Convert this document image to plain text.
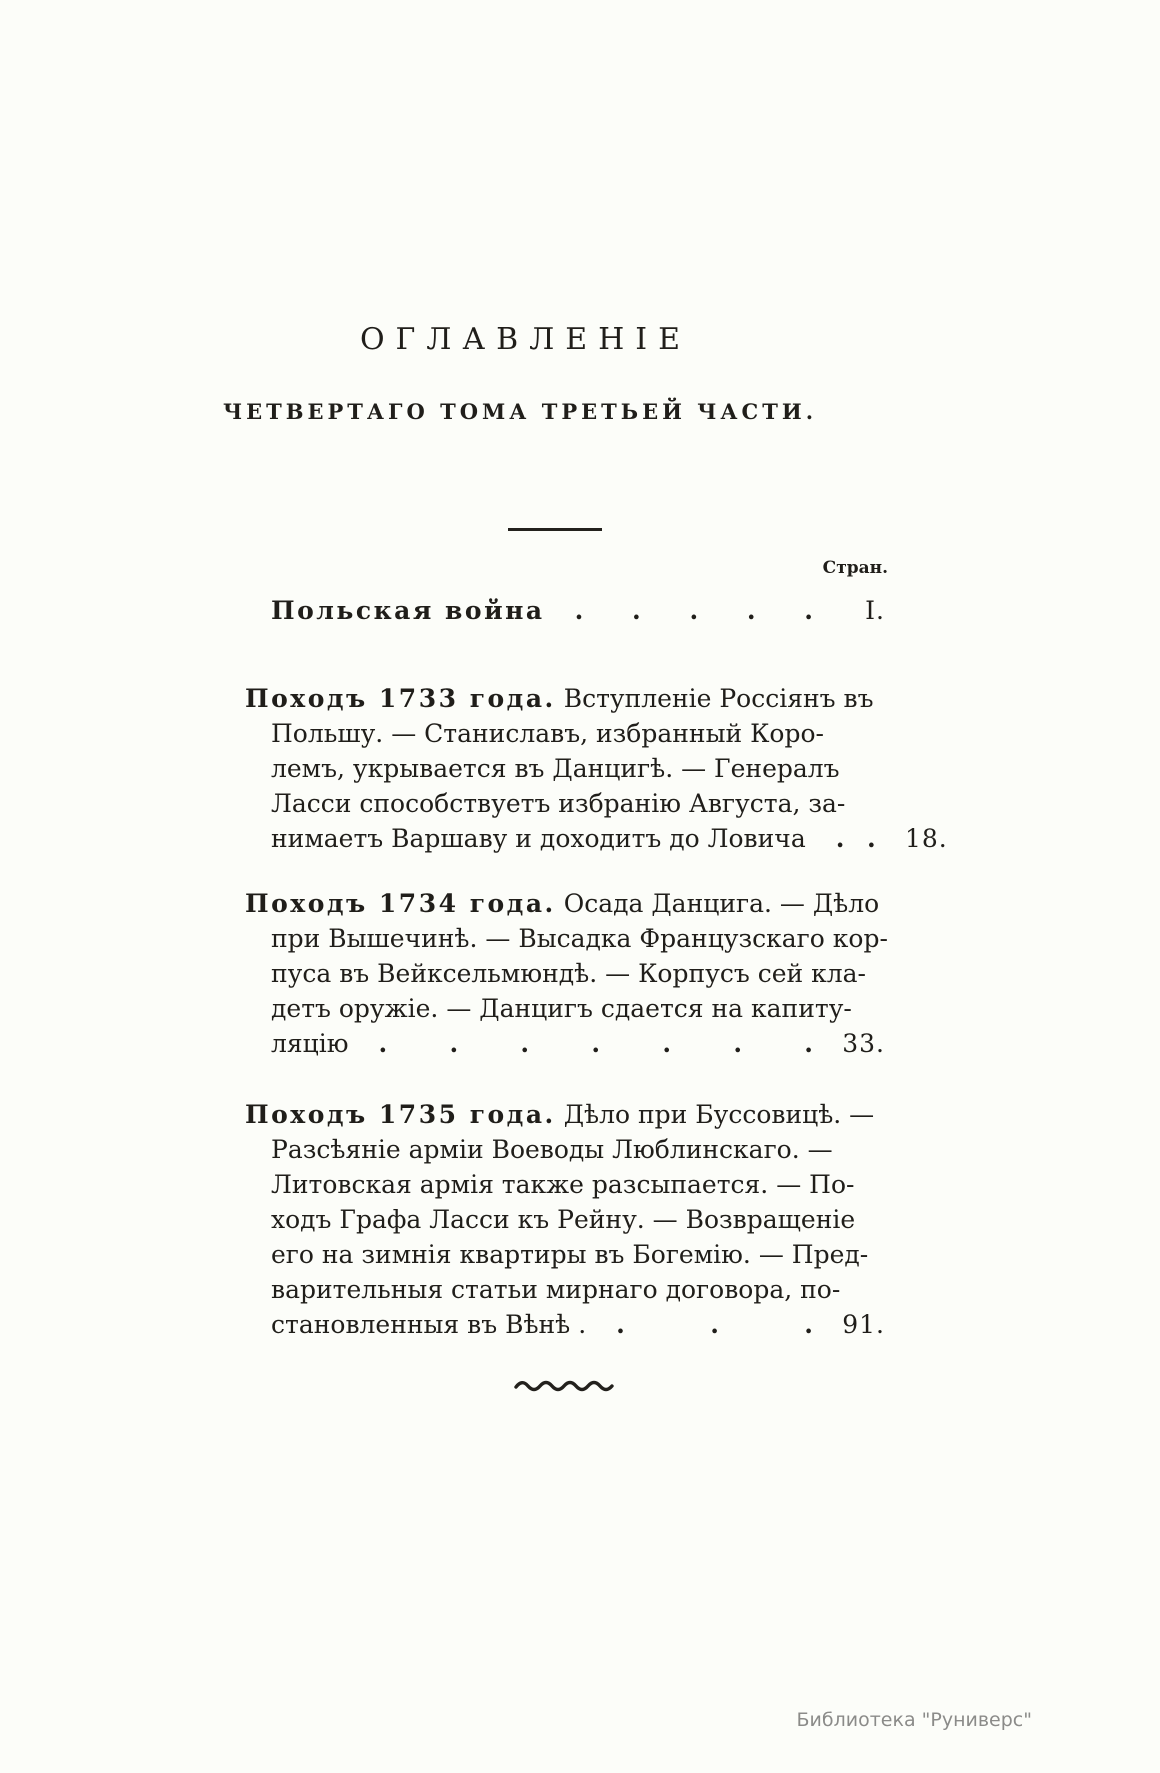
ОГЛАВЛЕНІЕ
ЧЕТВЕРТАГО ТОМА ТРЕТЬЕЙ ЧАСТИ.
Стран.
Польская война	. . . . .	I.
Походъ 1733 года. Вступленіе Россіянъ въ
Польшу. — Станиславъ, избранный Коро-
лемъ, укрывается въ Данцигѣ. — Генералъ
Ласси способствуетъ избранію Августа, за-
нимаетъ Варшаву и доходитъ до Ловича	. .	18.
Походъ 1734 года. Осада Данцига. — Дѣло
при Вышечинѣ. — Высадка Французскаго кор-
пуса въ Вейксельмюндѣ. — Корпусъ сей кла-
детъ оружіе. — Данцигъ сдается на капиту-
ляцію	. . . . . . .	33.
Походъ 1735 года. Дѣло при Буссовицѣ. —
Разсѣяніе арміи Воеводы Люблинскаго. —
Литовская армія также разсыпается. — По-
ходъ Графа Ласси къ Рейну. — Возвращеніе
его на зимнія квартиры въ Богемію. — Пред-
варительныя статьи мирнаго договора, по-
становленныя въ Вѣнѣ .	. . .	91.
Библиотека "Руниверс"
